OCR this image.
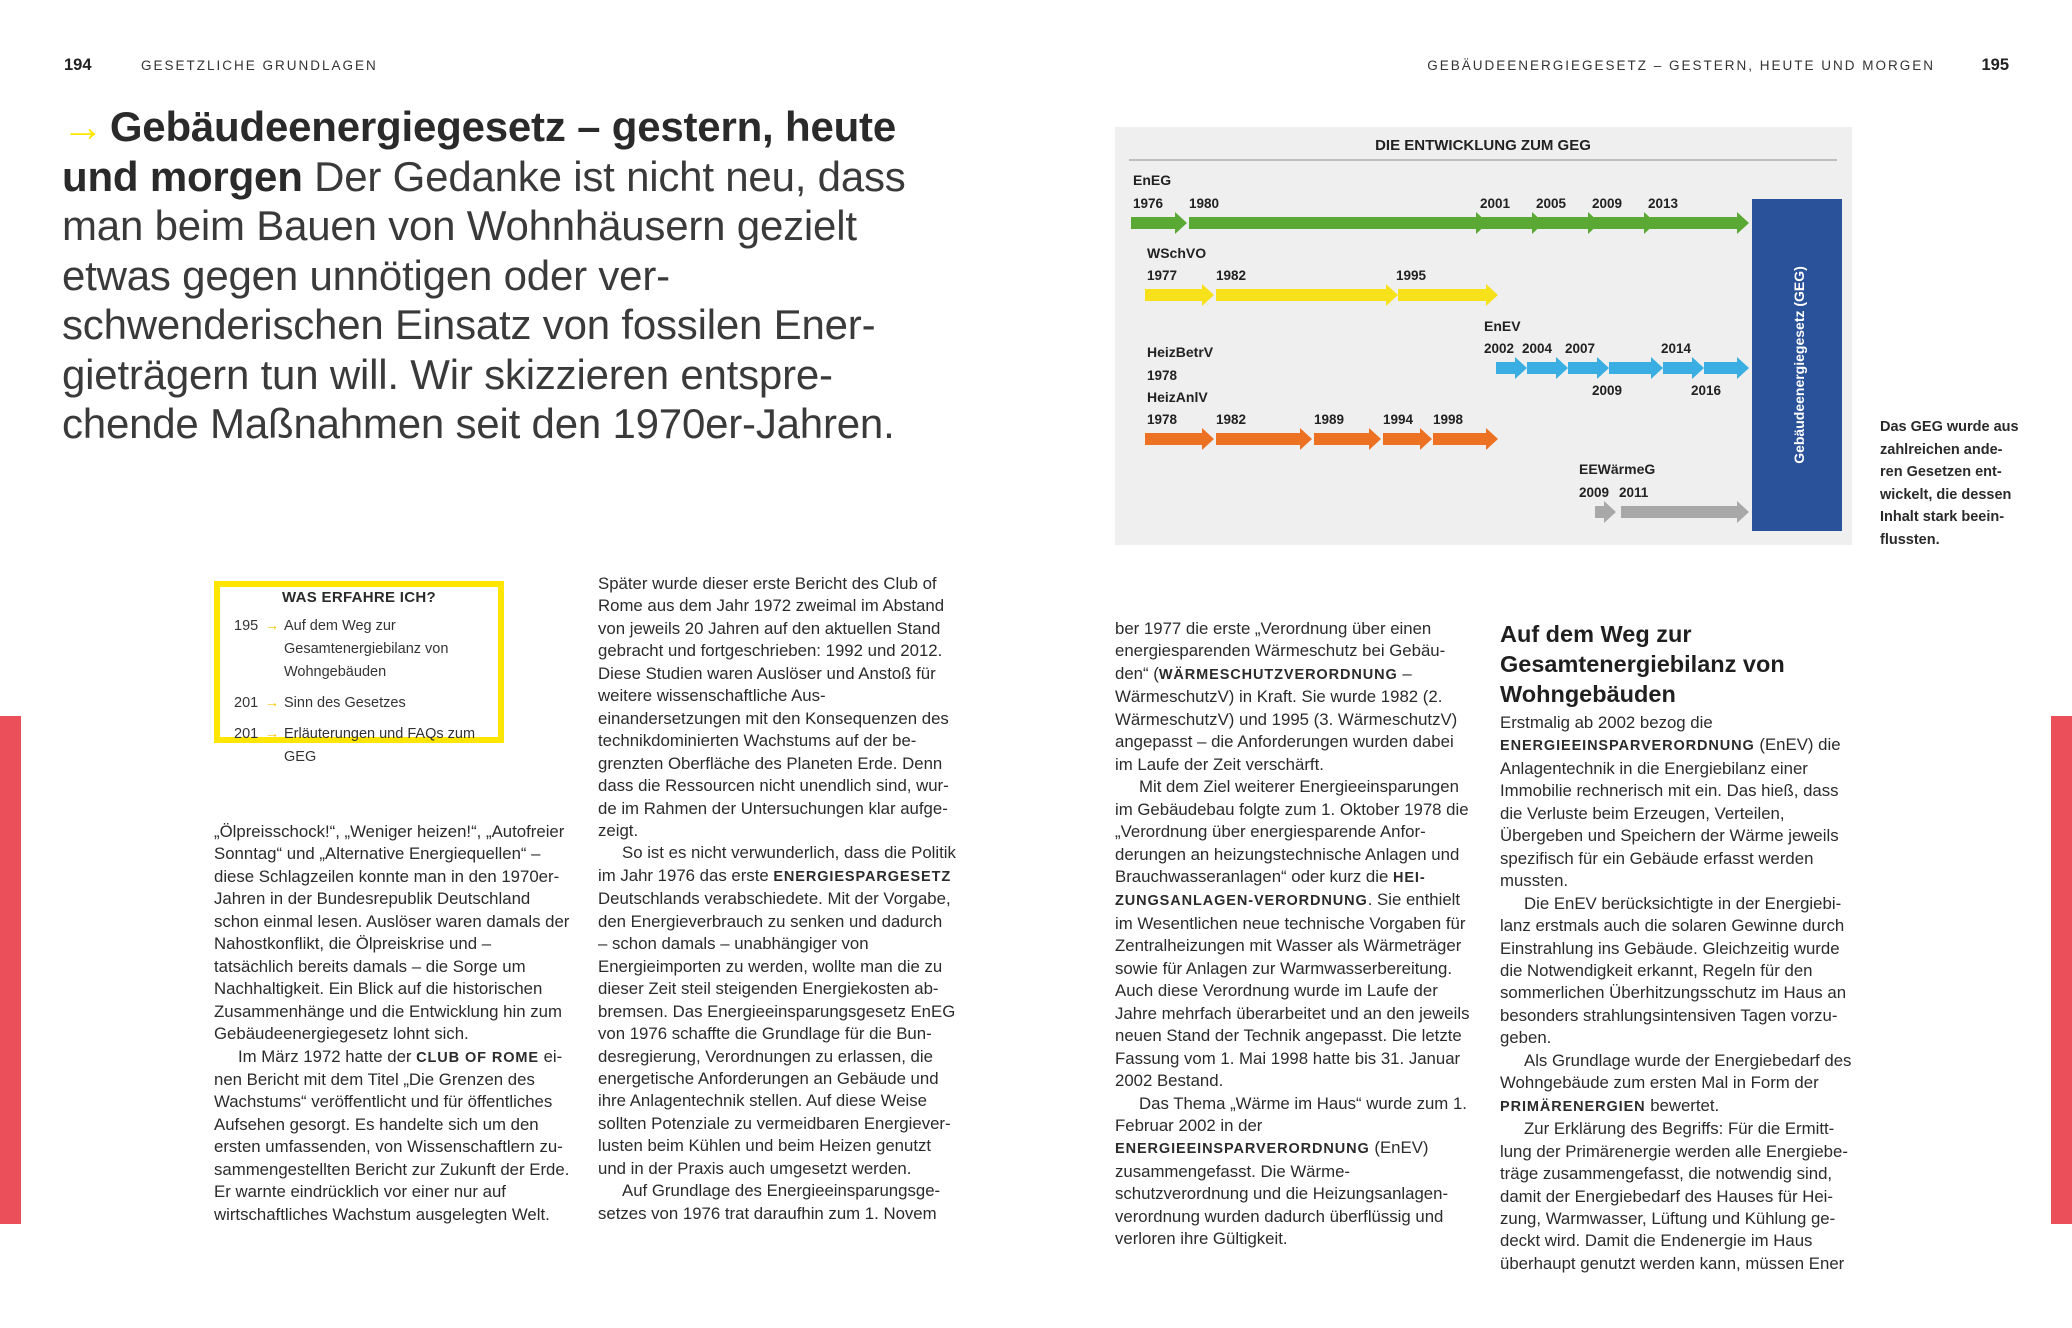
194	GESETZLICHE GRUNDLAGEN	GEBÄUDEENERGIEGESETZ – GESTERN, HEUTE UND MORGEN	195
→ Gebäudeenergiegesetz – gestern, heute und morgen Der Gedanke ist nicht neu, dass man beim Bauen von Wohnhäusern gezielt etwas gegen unnötigen oder verschwenderischen Einsatz von fossilen Energieträgern tun will. Wir skizzieren entsprechende Maßnahmen seit den 1970er-Jahren.
WAS ERFAHRE ICH?
195 → Auf dem Weg zur Gesamtenergiebilanz von Wohngebäuden
201 → Sinn des Gesetzes
201 → Erläuterungen und FAQs zum GEG

„Ölpreisschock!“, „Weniger heizen!“, „Autofreier Sonntag“ und „Alternative Energiequellen“ – diese Schlagzeilen konnte man in den 1970er-Jahren in der Bundesrepublik Deutschland schon einmal lesen. Auslöser waren damals der Nahostkonflikt, die Ölpreiskrise und – tatsächlich bereits damals – die Sorge um Nachhaltigkeit. Ein Blick auf die historischen Zusammenhänge und die Entwicklung hin zum Gebäudeenergiegesetz lohnt sich.

Im März 1972 hatte der CLUB OF ROME einen Bericht mit dem Titel „Die Grenzen des Wachstums“ veröffentlicht und für öffentliches Aufsehen gesorgt. Es handelte sich um den ersten umfassenden, von Wissenschaftlern zusammengestellten Bericht zur Zukunft der Erde. Er warnte eindrücklich vor einer nur auf wirtschaftliches Wachstum ausgelegten Welt.

Später wurde dieser erste Bericht des Club of Rome aus dem Jahr 1972 zweimal im Abstand von jeweils 20 Jahren auf den aktuellen Stand gebracht und fortgeschrieben: 1992 und 2012. Diese Studien waren Auslöser und Anstoß für weitere wissenschaftliche Auseinandersetzungen mit den Konsequenzen des technikdominierten Wachstums auf der begrenzten Oberfläche des Planeten Erde. Denn dass die Ressourcen nicht unendlich sind, wurde im Rahmen der Untersuchungen klar aufgezeigt.

So ist es nicht verwunderlich, dass die Politik im Jahr 1976 das erste ENERGIESPARGESETZ Deutschlands verabschiedete. Mit der Vorgabe, den Energieverbrauch zu senken und dadurch – schon damals – unabhängiger von Energieimporten zu werden, wollte man die zu dieser Zeit steil steigenden Energiekosten abbremsen. Das Energieeinsparungsgesetz EnEG von 1976 schaffte die Grundlage für die Bundesregierung, Verordnungen zu erlassen, die energetische Anforderungen an Gebäude und ihre Anlagentechnik stellen. Auf diese Weise sollten Potenziale zu vermeidbaren Energieverlusten beim Kühlen und beim Heizen genutzt und in der Praxis auch umgesetzt werden.

Auf Grundlage des Energieeinsparungsgesetzes von 1976 trat daraufhin zum 1. Novem

DIE ENTWICKLUNG ZUM GEG
Gebäudeenergiegesetz (GEG)
EnEG
1976 1980	2001 2005 2009 2013
WSchVO
1977	1982	1995
EnEV
2002 2004 2007	2014
2009	2016
HeizBetrV
1978
HeizAnlV
1978	1982	1989	1994 1998
EEWärmeG
2009 2011
Das GEG wurde aus zahlreichen anderen Gesetzen entwickelt, die dessen Inhalt stark beeinflussten.

ber 1977 die erste „Verordnung über einen energiesparenden Wärmeschutz bei Gebäuden“ (WÄRMESCHUTZVERORDNUNG – WärmeschutzV) in Kraft. Sie wurde 1982 (2. WärmeschutzV) und 1995 (3. WärmeschutzV) angepasst – die Anforderungen wurden dabei im Laufe der Zeit verschärft.

Mit dem Ziel weiterer Energieeinsparungen im Gebäudebau folgte zum 1. Oktober 1978 die „Verordnung über energiesparende Anforderungen an heizungstechnische Anlagen und Brauchwasseranlagen“ oder kurz die HEIZUNGSANLAGEN-VERORDNUNG. Sie enthielt im Wesentlichen neue technische Vorgaben für Zentralheizungen mit Wasser als Wärmeträger sowie für Anlagen zur Warmwasserbereitung. Auch diese Verordnung wurde im Laufe der Jahre mehrfach überarbeitet und an den jeweils neuen Stand der Technik angepasst. Die letzte Fassung vom 1. Mai 1998 hatte bis 31. Januar 2002 Bestand.

Das Thema „Wärme im Haus“ wurde zum 1. Februar 2002 in der ENERGIEEINSPARVERORDNUNG (EnEV) zusammengefasst. Die Wärmeschutzverordnung und die Heizungsanlagenverordnung wurden dadurch überflüssig und verloren ihre Gültigkeit.

Auf dem Weg zur Gesamtenergiebilanz von Wohngebäuden

Erstmalig ab 2002 bezog die ENERGIEEINSPARVERORDNUNG (EnEV) die Anlagentechnik in die Energiebilanz einer Immobilie rechnerisch mit ein. Das hieß, dass die Verluste beim Erzeugen, Verteilen, Übergeben und Speichern der Wärme jeweils spezifisch für ein Gebäude erfasst werden mussten.

Die EnEV berücksichtigte in der Energiebilanz erstmals auch die solaren Gewinne durch Einstrahlung ins Gebäude. Gleichzeitig wurde die Notwendigkeit erkannt, Regeln für den sommerlichen Überhitzungsschutz im Haus an besonders strahlungsintensiven Tagen vorzugeben.

Als Grundlage wurde der Energiebedarf des Wohngebäude zum ersten Mal in Form der PRIMÄRENERGIEN bewertet.

Zur Erklärung des Begriffs: Für die Ermittlung der Primärenergie werden alle Energiebeträge zusammengefasst, die notwendig sind, damit der Energiebedarf des Hauses für Heizung, Warmwasser, Lüftung und Kühlung gedeckt wird. Damit die Endenergie im Haus überhaupt genutzt werden kann, müssen Ener
